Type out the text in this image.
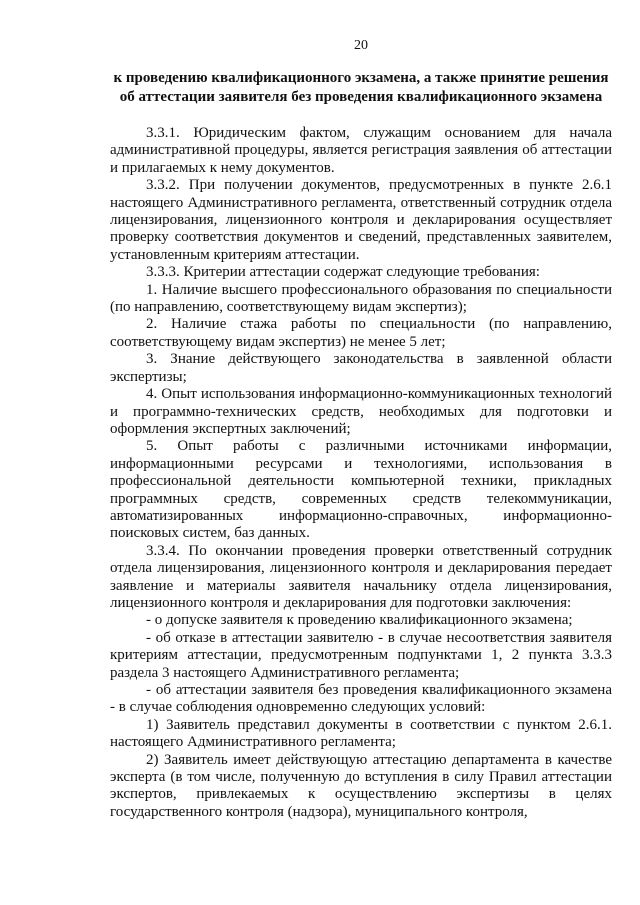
20
к проведению квалификационного экзамена, а также принятие решения об аттестации заявителя без проведения квалификационного экзамена

3.3.1. Юридическим фактом, служащим основанием для начала административной процедуры, является регистрация заявления об аттестации и прилагаемых к нему документов.

3.3.2. При получении документов, предусмотренных в пункте 2.6.1 настоящего Административного регламента, ответственный сотрудник отдела лицензирования, лицензионного контроля и декларирования осуществляет проверку соответствия документов и сведений, представленных заявителем, установленным критериям аттестации.

3.3.3. Критерии аттестации содержат следующие требования:

1. Наличие высшего профессионального образования по специальности (по направлению, соответствующему видам экспертиз);

2. Наличие стажа работы по специальности (по направлению, соответствующему видам экспертиз) не менее 5 лет;

3. Знание действующего законодательства в заявленной области экспертизы;

4. Опыт использования информационно-коммуникационных технологий и программно-технических средств, необходимых для подготовки и оформления экспертных заключений;

5. Опыт работы с различными источниками информации, информационными ресурсами и технологиями, использования в профессиональной деятельности компьютерной техники, прикладных программных средств, современных средств телекоммуникации, автоматизированных информационно-справочных, информационно-поисковых систем, баз данных.

3.3.4. По окончании проведения проверки ответственный сотрудник отдела лицензирования, лицензионного контроля и декларирования передает заявление и материалы заявителя начальнику отдела лицензирования, лицензионного контроля и декларирования для подготовки заключения:

- о допуске заявителя к проведению квалификационного экзамена;

- об отказе в аттестации заявителю - в случае несоответствия заявителя критериям аттестации, предусмотренным подпунктами 1, 2 пункта 3.3.3 раздела 3 настоящего Административного регламента;

- об аттестации заявителя без проведения квалификационного экзамена - в случае соблюдения одновременно следующих условий:

1) Заявитель представил документы в соответствии с пунктом 2.6.1. настоящего Административного регламента;

2) Заявитель имеет действующую аттестацию департамента в качестве эксперта (в том числе, полученную до вступления в силу Правил аттестации экспертов, привлекаемых к осуществлению экспертизы в целях государственного контроля (надзора), муниципального контроля,
